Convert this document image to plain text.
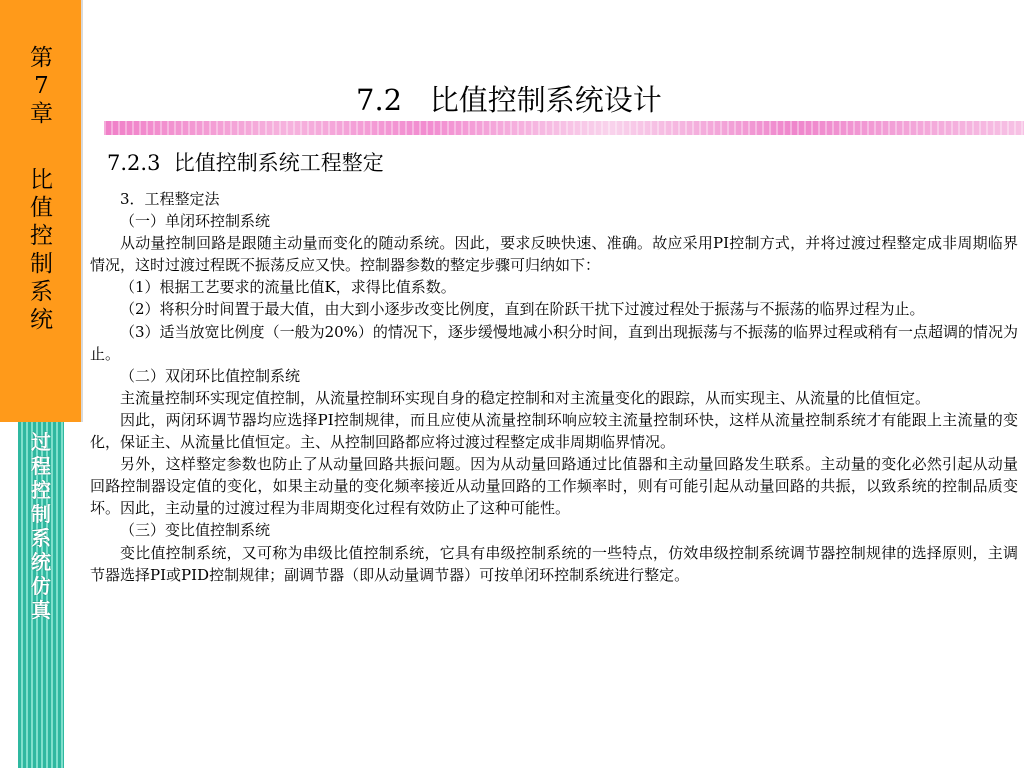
第
7
章
比
值
控
制
系
统
过
程
控
制
系
统
仿
真
7.2   比值控制系统设计
7.2.3  比值控制系统工程整定

3．工程整定法

（一）单闭环控制系统

从动量控制回路是跟随主动量而变化的随动系统。因此，要求反映快速、准确。故应采用PI控制方式，并将过渡过程整定成非周期临界情况，这时过渡过程既不振荡反应又快。控制器参数的整定步骤可归纳如下：

（1）根据工艺要求的流量比值K，求得比值系数。

（2）将积分时间置于最大值，由大到小逐步改变比例度，直到在阶跃干扰下过渡过程处于振荡与不振荡的临界过程为止。

（3）适当放宽比例度（一般为20%）的情况下，逐步缓慢地减小积分时间，直到出现振荡与不振荡的临界过程或稍有一点超调的情况为止。

（二）双闭环比值控制系统

主流量控制环实现定值控制，从流量控制环实现自身的稳定控制和对主流量变化的跟踪，从而实现主、从流量的比值恒定。

因此，两闭环调节器均应选择PI控制规律，而且应使从流量控制环响应较主流量控制环快，这样从流量控制系统才有能跟上主流量的变化，保证主、从流量比值恒定。主、从控制回路都应将过渡过程整定成非周期临界情况。

另外，这样整定参数也防止了从动量回路共振问题。因为从动量回路通过比值器和主动量回路发生联系。主动量的变化必然引起从动量回路控制器设定值的变化，如果主动量的变化频率接近从动量回路的工作频率时，则有可能引起从动量回路的共振，以致系统的控制品质变坏。因此，主动量的过渡过程为非周期变化过程有效防止了这种可能性。

（三）变比值控制系统

变比值控制系统，又可称为串级比值控制系统，它具有串级控制系统的一些特点，仿效串级控制系统调节器控制规律的选择原则，主调节器选择PI或PID控制规律；副调节器（即从动量调节器）可按单闭环控制系统进行整定。
